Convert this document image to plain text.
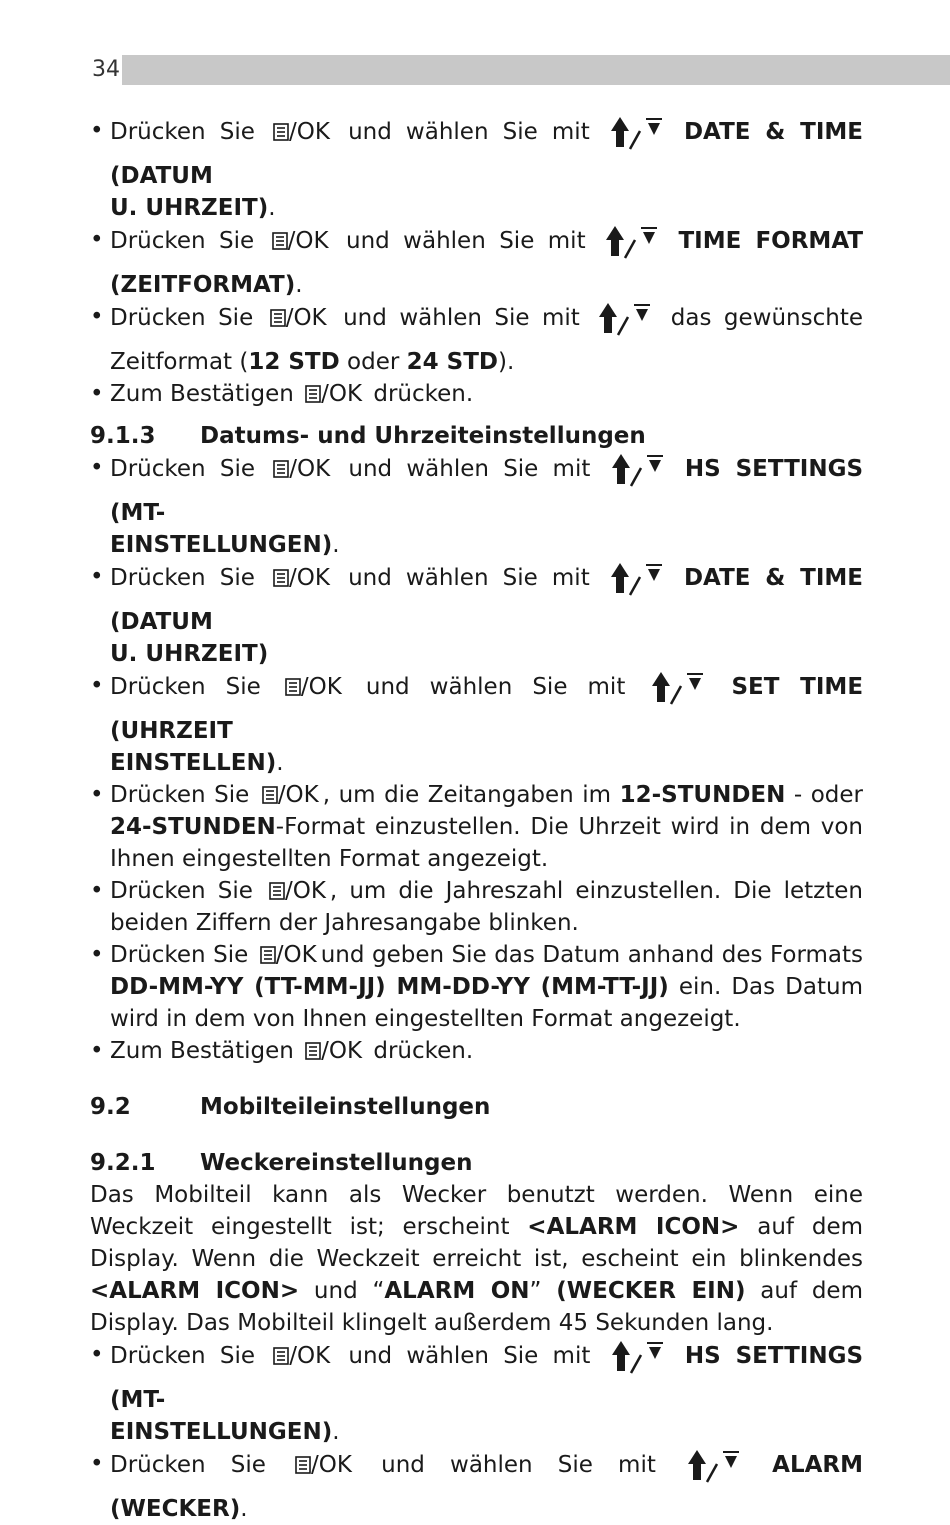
34
• Drücken Sie /OK und wählen Sie mit	DATE & TIME (DATUM
U. UHRZEIT).
• Drücken Sie /OK und wählen Sie mit	TIME FORMAT
(ZEITFORMAT).
• Drücken Sie /OK und wählen Sie mit	das gewünschte
Zeitformat (12 STD oder 24 STD).
• Zum Bestätigen /OK drücken.
9.1.3 Datums- und Uhrzeiteinstellungen
• Drücken Sie /OK und wählen Sie mit	HS SETTINGS (MT-
EINSTELLUNGEN).
• Drücken Sie /OK und wählen Sie mit	DATE & TIME (DATUM
U. UHRZEIT)
• Drücken Sie /OK und wählen Sie mit	SET TIME (UHRZEIT
EINSTELLEN).
• Drücken Sie /OK , um die Zeitangaben im 12-STUNDEN - oder 24-STUNDEN-Format einzustellen. Die Uhrzeit wird in dem von Ihnen eingestellten Format angezeigt.
• Drücken Sie /OK , um die Jahreszahl einzustellen. Die letzten beiden Ziffern der Jahresangabe blinken.
• Drücken Sie /OK und geben Sie das Datum anhand des Formats DD-MM-YY (TT-MM-JJ) MM-DD-YY (MM-TT-JJ) ein. Das Datum wird in dem von Ihnen eingestellten Format angezeigt.
• Zum Bestätigen /OK drücken.
9.2	Mobilteileinstellungen
9.2.1 Weckereinstellungen
Das Mobilteil kann als Wecker benutzt werden. Wenn eine Weckzeit eingestellt ist; erscheint <ALARM ICON> auf dem Display. Wenn die Weckzeit erreicht ist, escheint ein blinkendes <ALARM ICON> und “ALARM ON” (WECKER EIN) auf dem Display. Das Mobilteil klingelt außerdem 45 Sekunden lang.
• Drücken Sie /OK und wählen Sie mit	HS SETTINGS (MT-
EINSTELLUNGEN).
• Drücken Sie /OK und wählen Sie mit	ALARM (WECKER).
